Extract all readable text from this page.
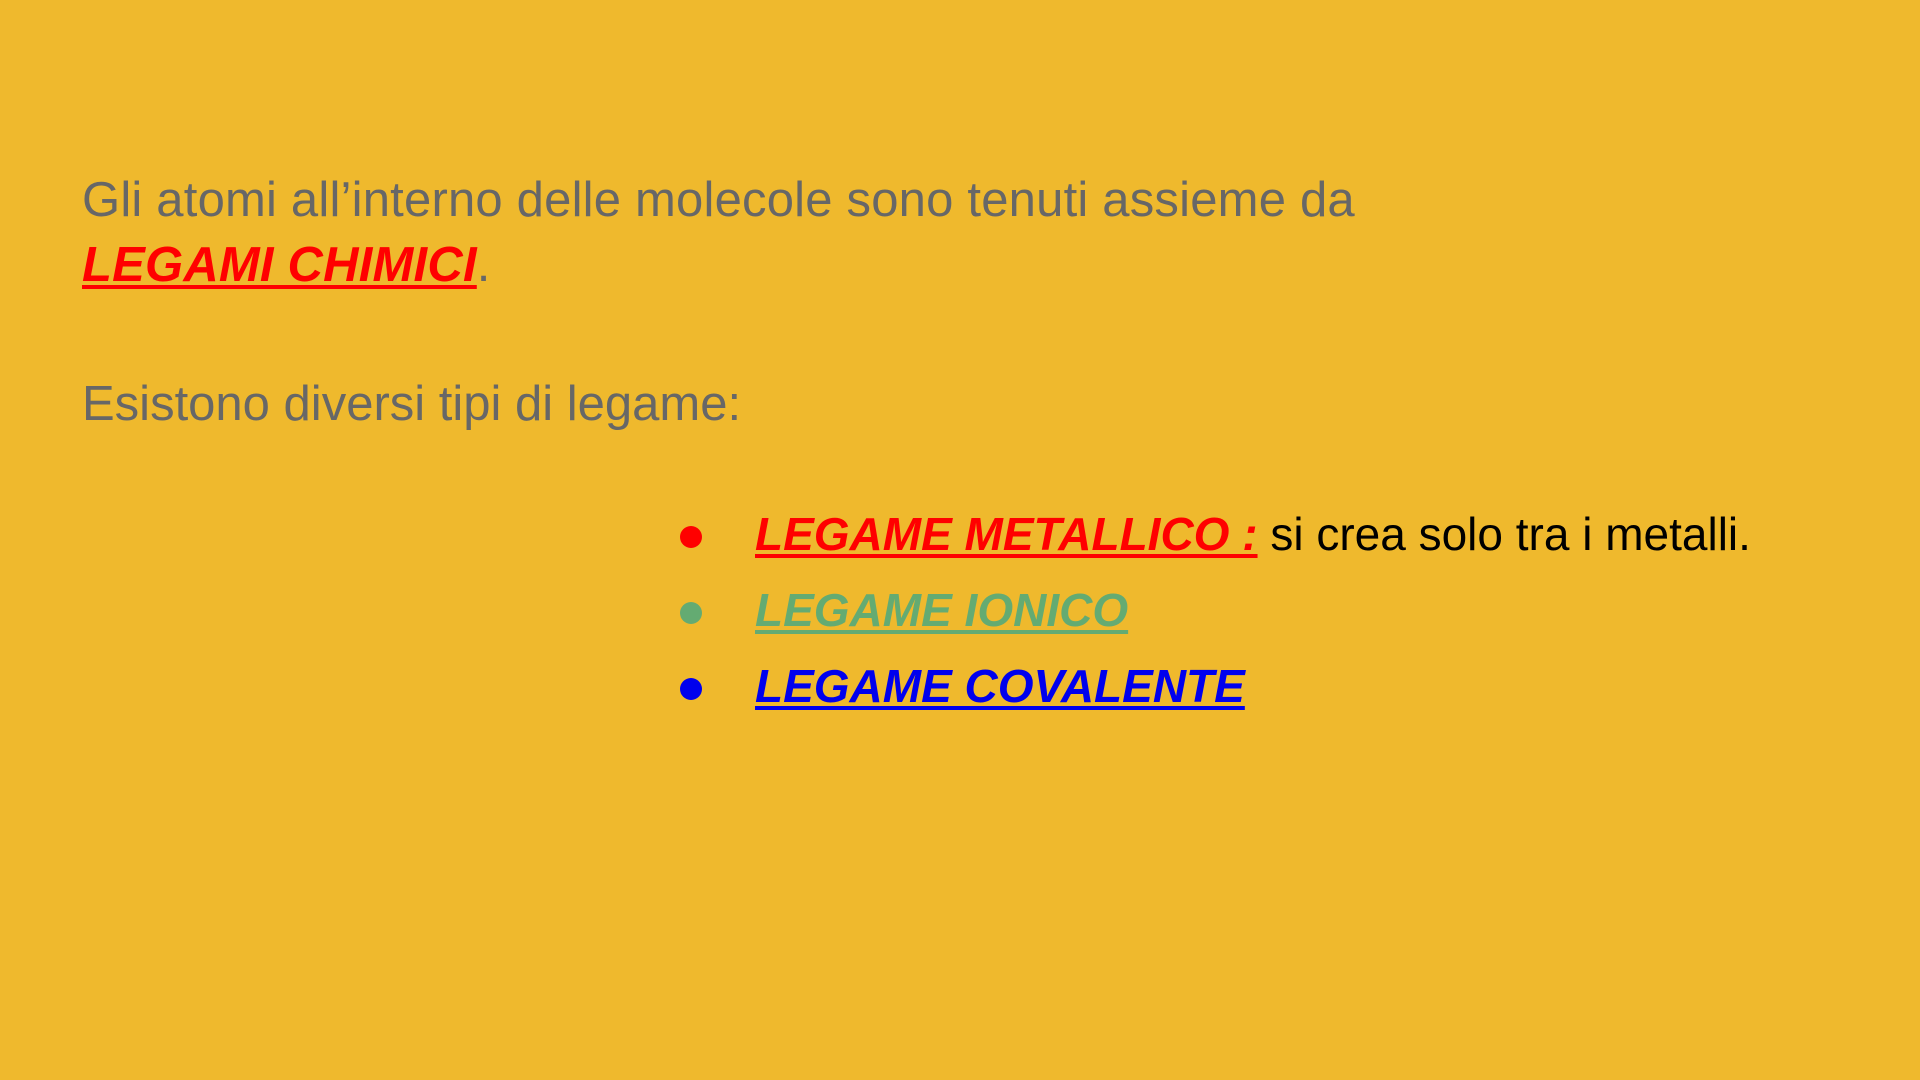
Gli atomi all’interno delle molecole sono tenuti assieme da
LEGAMI CHIMICI.
Esistono diversi tipi di legame:
LEGAME METALLICO : si crea solo tra i metalli.
LEGAME IONICO
LEGAME COVALENTE
